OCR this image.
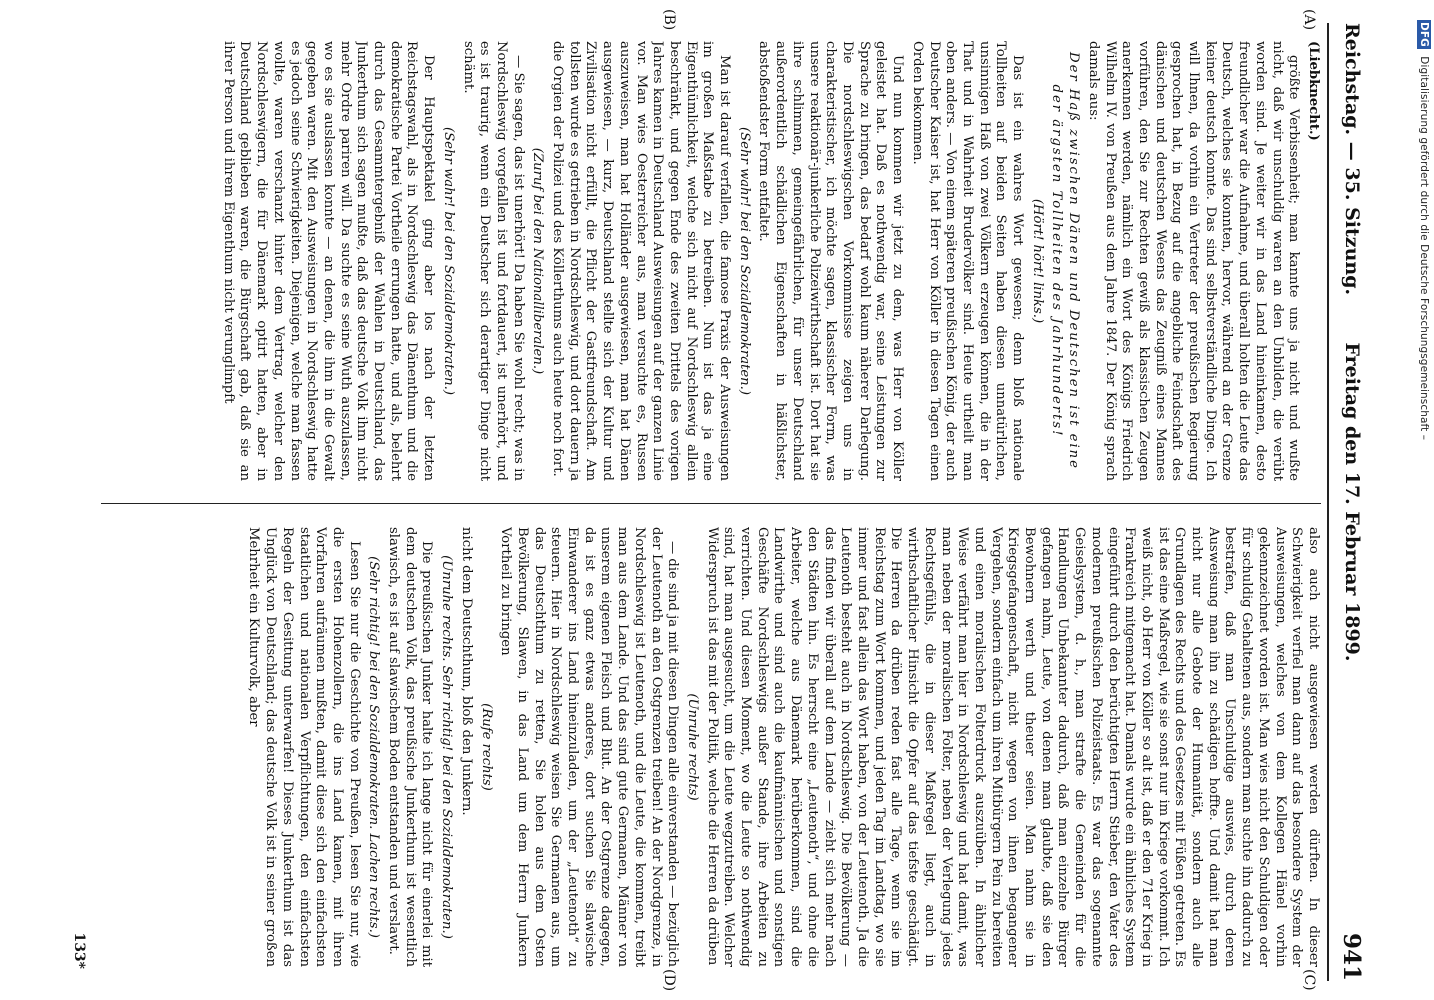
Reichstag. — 35. Sitzung.
Freitag den 17. Februar 1899.
941
(A)
(B)
(C)
(D)

(Liebknecht.)

größte Verbissenheit; man kannte uns ja nicht und wußte nicht, daß wir unschuldig waren an den Unbilden, die verübt worden sind. Je weiter wir in das Land hineinkamen, desto freundlicher war die Aufnahme, und überall holten die Leute das Deutsch, welches sie konnten, hervor, während an der Grenze keiner deutsch konnte. Das sind selbstverständliche Dinge. Ich will Ihnen, da vorhin ein Vertreter der preußischen Regierung gesprochen hat, in Bezug auf die angebliche Feindschaft des dänischen und deutschen Wesens das Zeugniß eines Mannes vorführen, den Sie zur Rechten gewiß als klassischen Zeugen anerkennen werden, nämlich ein Wort des Königs Friedrich Wilhelm IV. von Preußen aus dem Jahre 1847. Der König sprach damals aus:

Der Haß zwischen Dänen und Deutschen ist eine der ärgsten Tollheiten des Jahrhunderts!

(Hört! hört! links.)

Das ist ein wahres Wort gewesen; denn bloß nationale Tollheiten auf beiden Seiten haben diesen unnatürlichen, unsinnigen Haß von zwei Völkern erzeugen können, die in der That und in Wahrheit Brudervölker sind. Heute urtheilt man oben anders. — Von einem späteren preußischen König, der auch Deutscher Kaiser ist, hat Herr von Köller in diesen Tagen einen Orden bekommen.

Und nun kommen wir jetzt zu dem, was Herr von Köller geleistet hat. Daß es nothwendig war, seine Leistungen zur Sprache zu bringen, das bedarf wohl kaum näherer Darlegung. Die nordschleswigschen Vorkommnisse zeigen uns in charakteristischer, ich möchte sagen, klassischer Form, was unsere reaktionär-junkerliche Polizeiwirthschaft ist. Dort hat sie ihre schlimmen, gemeingefährlichen, für unser Deutschland außerordentlich schädlichen Eigenschaften in häßlichster, abstoßendster Form entfaltet.

(Sehr wahr! bei den Sozialdemokraten.)

Man ist darauf verfallen, die famose Praxis der Ausweisungen im großen Maßstabe zu betreiben. Nun ist das ja eine Eigenthümlichkeit, welche sich nicht auf Nordschleswig allein beschränkt, und gegen Ende des zweiten Drittels des vorigen Jahres kamen in Deutschland Ausweisungen auf der ganzen Linie vor. Man wies Oesterreicher aus, man versuchte es, Russen auszuweisen, man hat Holländer ausgewiesen, man hat Dänen ausgewiesen, — kurz, Deutschland stellte sich der Kultur und Zivilisation nicht erfüllt, die Pflicht der Gastfreundschaft. Am tollsten wurde es getrieben in Nordschleswig, und dort dauern ja die Orgien der Polizei und des Köllerthums auch heute noch fort.

(Zuruf bei den Nationalliberalen.)

— Sie sagen, das ist unerhört! Da haben Sie wohl recht; was in Nordschleswig vorgefallen ist und fortdauert, ist unerhört, und es ist traurig, wenn ein Deutscher sich derartiger Dinge nicht schämt.

(Sehr wahr! bei den Sozialdemokraten.)

Der Hauptspektakel ging aber los nach der letzten Reichstagswahl, als in Nordschleswig das Dänenthum und die demokratische Partei Vortheile errungen hatte, und als, belehrt durch das Gesammtergebniß der Wahlen in Deutschland, das Junkerthum sich sagen mußte, daß das deutsche Volk ihm nicht mehr Ordre pariren will. Da suchte es seine Wuth auszulassen, wo es sie auslassen konnte — an denen, die ihm in die Gewalt gegeben waren. Mit den Ausweisungen in Nordschleswig hatte es jedoch seine Schwierigkeiten. Diejenigen, welche man fassen wollte, waren verschanzt hinter dem Vertrag, welcher den Nordschleswigern, die für Dänemark optirt hatten, aber in Deutschland geblieben waren, die Bürgschaft gab, daß sie an ihrer Person und ihrem Eigenthum nicht verunglimpft

also auch nicht ausgewiesen werden dürften. In dieser Schwierigkeit verfiel man dann auf das besondere System der Ausweisungen, welches von dem Kollegen Hänel vorhin gekennzeichnet worden ist. Man wies nicht den Schuldigen oder für schuldig Gehaltenen aus, sondern man suchte ihn dadurch zu bestrafen, daß man Unschuldige auswies, durch deren Ausweisung man ihn zu schädigen hoffte. Und damit hat man nicht nur alle Gebote der Humanität, sondern auch alle Grundlagen des Rechts und des Gesetzes mit Füßen getreten. Es ist das eine Maßregel, wie sie sonst nur im Kriege vorkommt. Ich weiß nicht, ob Herr von Köller so alt ist, daß er den 71er Krieg in Frankreich mitgemacht hat. Damals wurde ein ähnliches System eingeführt durch den berüchtigten Herrn Stieber, den Vater des modernen preußischen Polizeistaats. Es war das sogenannte Geiselsystem, d. h., man strafte die Gemeinden für die Handlungen Unbekannter dadurch, daß man einzelne Bürger gefangen nahm, Leute, von denen man glaubte, daß sie den Bewohnern werth und theuer seien. Man nahm sie in Kriegsgefangenschaft, nicht wegen von ihnen begangener Vergehen, sondern einfach um ihren Mitbürgern Pein zu bereiten und einen moralischen Folterdruck auszuüben. In ähnlicher Weise verfährt man hier in Nordschleswig und hat damit, was man neben der moralischen Folter, neben der Verlegung jedes Rechtsgefühls, die in dieser Maßregel liegt, auch in wirthschaftlicher Hinsicht die Opfer auf das tiefste geschädigt. Die Herren da drüben reden fast alle Tage, wenn sie im Reichstag zum Wort kommen, und jeden Tag im Landtag, wo sie immer und fast allein das Wort haben, von der Leutenoth. Ja die Leutenoth besteht auch in Nordschleswig. Die Bevölkerung — das finden wir überall auf dem Lande — zieht sich mehr nach den Städten hin. Es herrscht eine „Leutenoth“, und ohne die Arbeiter, welche aus Dänemark herüberkommen, sind die Landwirthe und sind auch die kaufmännischen und sonstigen Geschäfte Nordschleswigs außer Stande, ihre Arbeiten zu verrichten. Und diesen Moment, wo die Leute so nothwendig sind, hat man ausgesucht, um die Leute wegzutreiben. Welcher Widerspruch ist das mit der Politik, welche die Herren da drüben

(Unruhe rechts)

— die sind ja mit diesen Dingen alle einverstanden — bezüglich der Leutenoth an den Ostgrenzen treiben! An der Nordgrenze, in Nordschleswig ist Leutenoth, und die Leute, die kommen, treibt man aus dem Lande. Und das sind gute Germanen, Männer von unserem eigenen Fleisch und Blut. An der Ostgrenze dagegen, da ist es ganz etwas anderes, dort suchen Sie slawische Einwanderer ins Land hineinzuladen, um der „Leutenoth“ zu steuern. Hier in Nordschleswig weisen Sie Germanen aus, um das Deutschthum zu retten, Sie holen aus dem Osten Bevölkerung, Slawen, in das Land um dem Herrn Junkern Vortheil zu bringen

(Rufe rechts)

nicht dem Deutschthum, bloß den Junkern.

(Unruhe rechts. Sehr richtig! bei den Sozialdemokraten.)

Die preußischen Junker halte ich lange nicht für einerlei mit dem deutschen Volk, das preußische Junkerthum ist wesentlich slawisch, es ist auf slawischem Boden entstanden und verslawt.

(Sehr richtig! bei den Sozialdemokraten. Lachen rechts.)

Lesen Sie nur die Geschichte von Preußen, lesen Sie nur, wie die ersten Hohenzollern, die ins Land kamen, mit ihren Vorfahren aufräumen mußten, damit diese sich den einfachsten staatlichen und nationalen Verpflichtungen, den einfachsten Regeln der Gesittung unterwarfen! Dieses Junkerthum ist das Unglück von Deutschland; das deutsche Volk ist in seiner großen Mehrheit ein Kulturvolk, aber

133*
DFG Digitalisierung gefördert durch die Deutsche Forschungsgemeinschaft –
